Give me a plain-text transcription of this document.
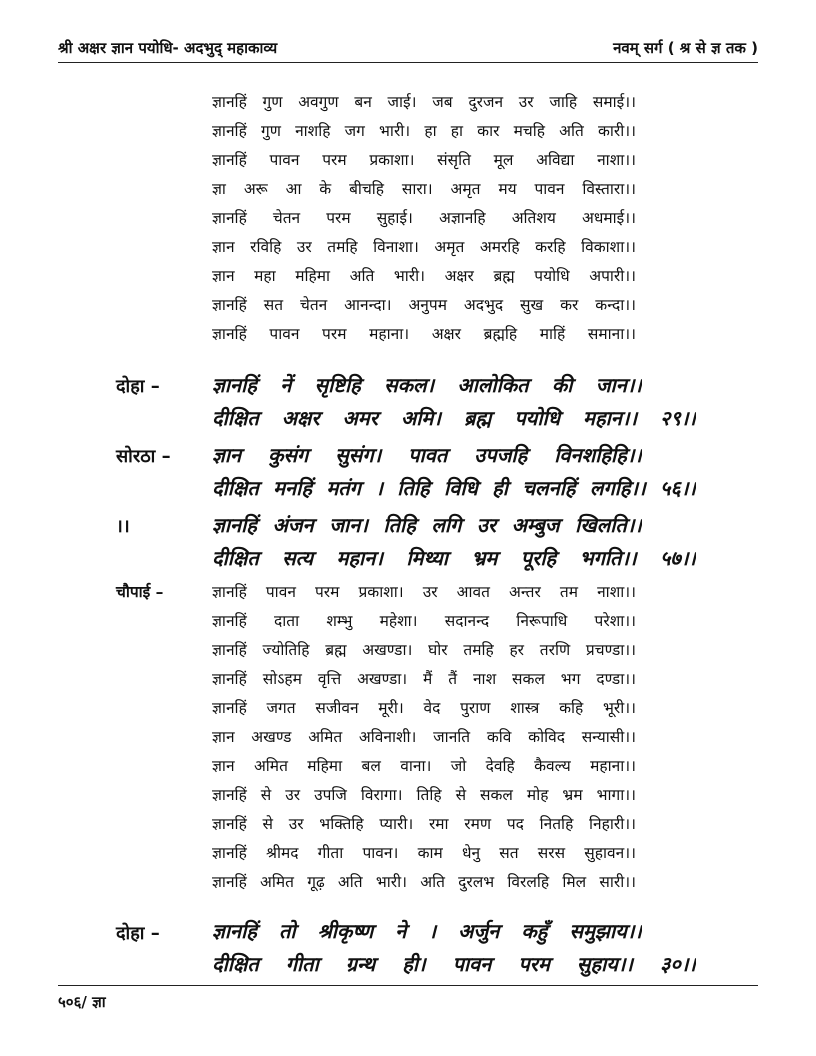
श्री अक्षर ज्ञान पयोधि- अदभुद् महाकाव्य	नवम् सर्ग ( श्र से ज्ञ तक )
ज्ञानहिं गुण अवगुण बन जाई। जब दुरजन उर जाहि समाई।।
ज्ञानहिं गुण नाशहि जग भारी। हा हा कार मचहि अति कारी।।
ज्ञानहिं पावन परम प्रकाशा। संसृति मूल अविद्या नाशा।।
ज्ञा अरू आ के बीचहि सारा। अमृत मय पावन विस्तारा।।
ज्ञानहिं चेतन परम सुहाई। अज्ञानहि अतिशय अधमाई।।
ज्ञान रविहि उर तमहि विनाशा। अमृत अमरहि करहि विकाशा।।
ज्ञान महा महिमा अति भारी। अक्षर ब्रह्म पयोधि अपारी।।
ज्ञानहिं सत चेतन आनन्दा। अनुपम अदभुद सुख कर कन्दा।।
ज्ञानहिं पावन परम महाना। अक्षर ब्रह्महि माहिं समाना।।
दोहा –	ज्ञानहिं नें सृष्टिहि सकल। आलोकित की जान।।
दीक्षित अक्षर अमर अमि। ब्रह्म पयोधि महान।। २९।।
सोरठा – ज्ञान कुसंग सुसंग। पावत उपजहि विनशहिहि।।
दीक्षित मनहिं मतंग । तिहि विधि ही चलनहिं लगहि।। ५६।।
।।	ज्ञानहिं अंजन जान। तिहि लगि उर अम्बुज खिलति।।
दीक्षित सत्य महान। मिथ्या भ्रम पूरहि भगति।। ५७।।
चौपाई –	ज्ञानहिं पावन परम प्रकाशा। उर आवत अन्तर तम नाशा।।
ज्ञानहिं दाता शम्भु महेशा। सदानन्द निरूपाधि परेशा।।
ज्ञानहिं ज्योतिहि ब्रह्म अखण्डा। घोर तमहि हर तरणि प्रचण्डा।।
ज्ञानहिं सोऽहम वृत्ति अखण्डा। मैं तैं नाश सकल भग दण्डा।।
ज्ञानहिं जगत सजीवन मूरी। वेद पुराण शास्त्र कहि भूरी।।
ज्ञान अखण्ड अमित अविनाशी। जानति कवि कोविद सन्यासी।।
ज्ञान अमित महिमा बल वाना। जो देवहि कैवल्य महाना।।
ज्ञानहिं से उर उपजि विरागा। तिहि से सकल मोह भ्रम भागा।।
ज्ञानहिं से उर भक्तिहि प्यारी। रमा रमण पद नितहि निहारी।।
ज्ञानहिं श्रीमद गीता पावन। काम धेनु सत सरस सुहावन।।
ज्ञानहिं अमित गूढ़ अति भारी। अति दुरलभ विरलहि मिल सारी।।
दोहा –	ज्ञानहिं तो श्रीकृष्ण ने । अर्जुन कहुँ समुझाय।।
दीक्षित गीता ग्रन्थ ही। पावन परम सुहाय।। ३०।।
५०६/ ज्ञा
